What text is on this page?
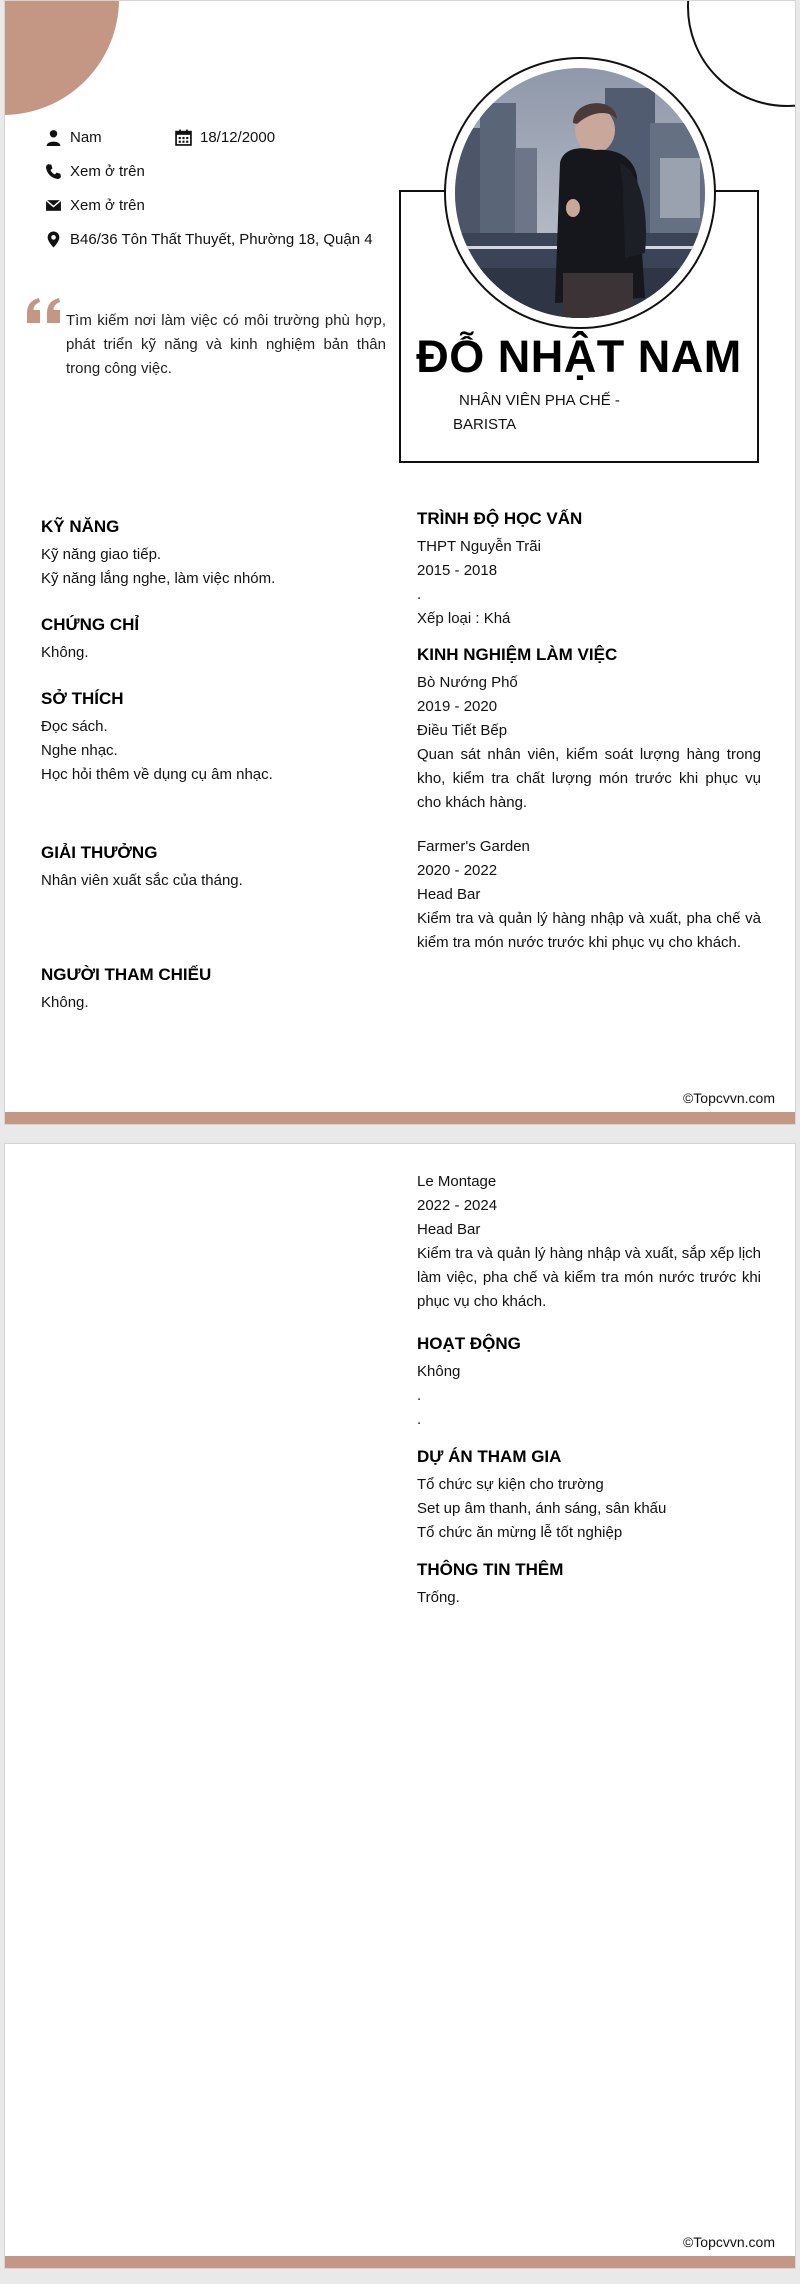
Nam	18/12/2000
Xem ở trên
Xem ở trên
B46/36 Tôn Thất Thuyết, Phường 18, Quận 4
Tìm kiếm nơi làm việc có môi trường phù hợp, phát triển kỹ năng và kinh nghiệm bản thân trong công việc.	ĐỖ NHẬT NAM
NHÂN VIÊN PHA CHẾ -
BARISTA
KỸ NĂNG
Kỹ năng giao tiếp.
Kỹ năng lắng nghe, làm việc nhóm.
CHỨNG CHỈ
Không.
SỞ THÍCH
Đọc sách.
Nghe nhạc.
Học hỏi thêm về dụng cụ âm nhạc.
GIẢI THƯỞNG
Nhân viên xuất sắc của tháng.
NGƯỜI THAM CHIẾU
Không.
TRÌNH ĐỘ HỌC VẤN
THPT Nguyễn Trãi
2015 - 2018
.
Xếp loại : Khá
KINH NGHIỆM LÀM VIỆC
Bò Nướng Phố
2019 - 2020
Điều Tiết Bếp
Quan sát nhân viên, kiểm soát lượng hàng trong kho, kiểm tra chất lượng món trước khi phục vụ cho khách hàng.
Farmer's Garden
2020 - 2022
Head Bar
Kiểm tra và quản lý hàng nhập và xuất, pha chế và kiểm tra món nước trước khi phục vụ cho khách.
©Topcvvn.com
Le Montage
2022 - 2024
Head Bar
Kiểm tra và quản lý hàng nhập và xuất, sắp xếp lịch làm việc, pha chế và kiểm tra món nước trước khi phục vụ cho khách.
HOẠT ĐỘNG
Không
.
.
DỰ ÁN THAM GIA
Tổ chức sự kiện cho trường
Set up âm thanh, ánh sáng, sân khấu
Tổ chức ăn mừng lễ tốt nghiệp
THÔNG TIN THÊM
Trống.
©Topcvvn.com
